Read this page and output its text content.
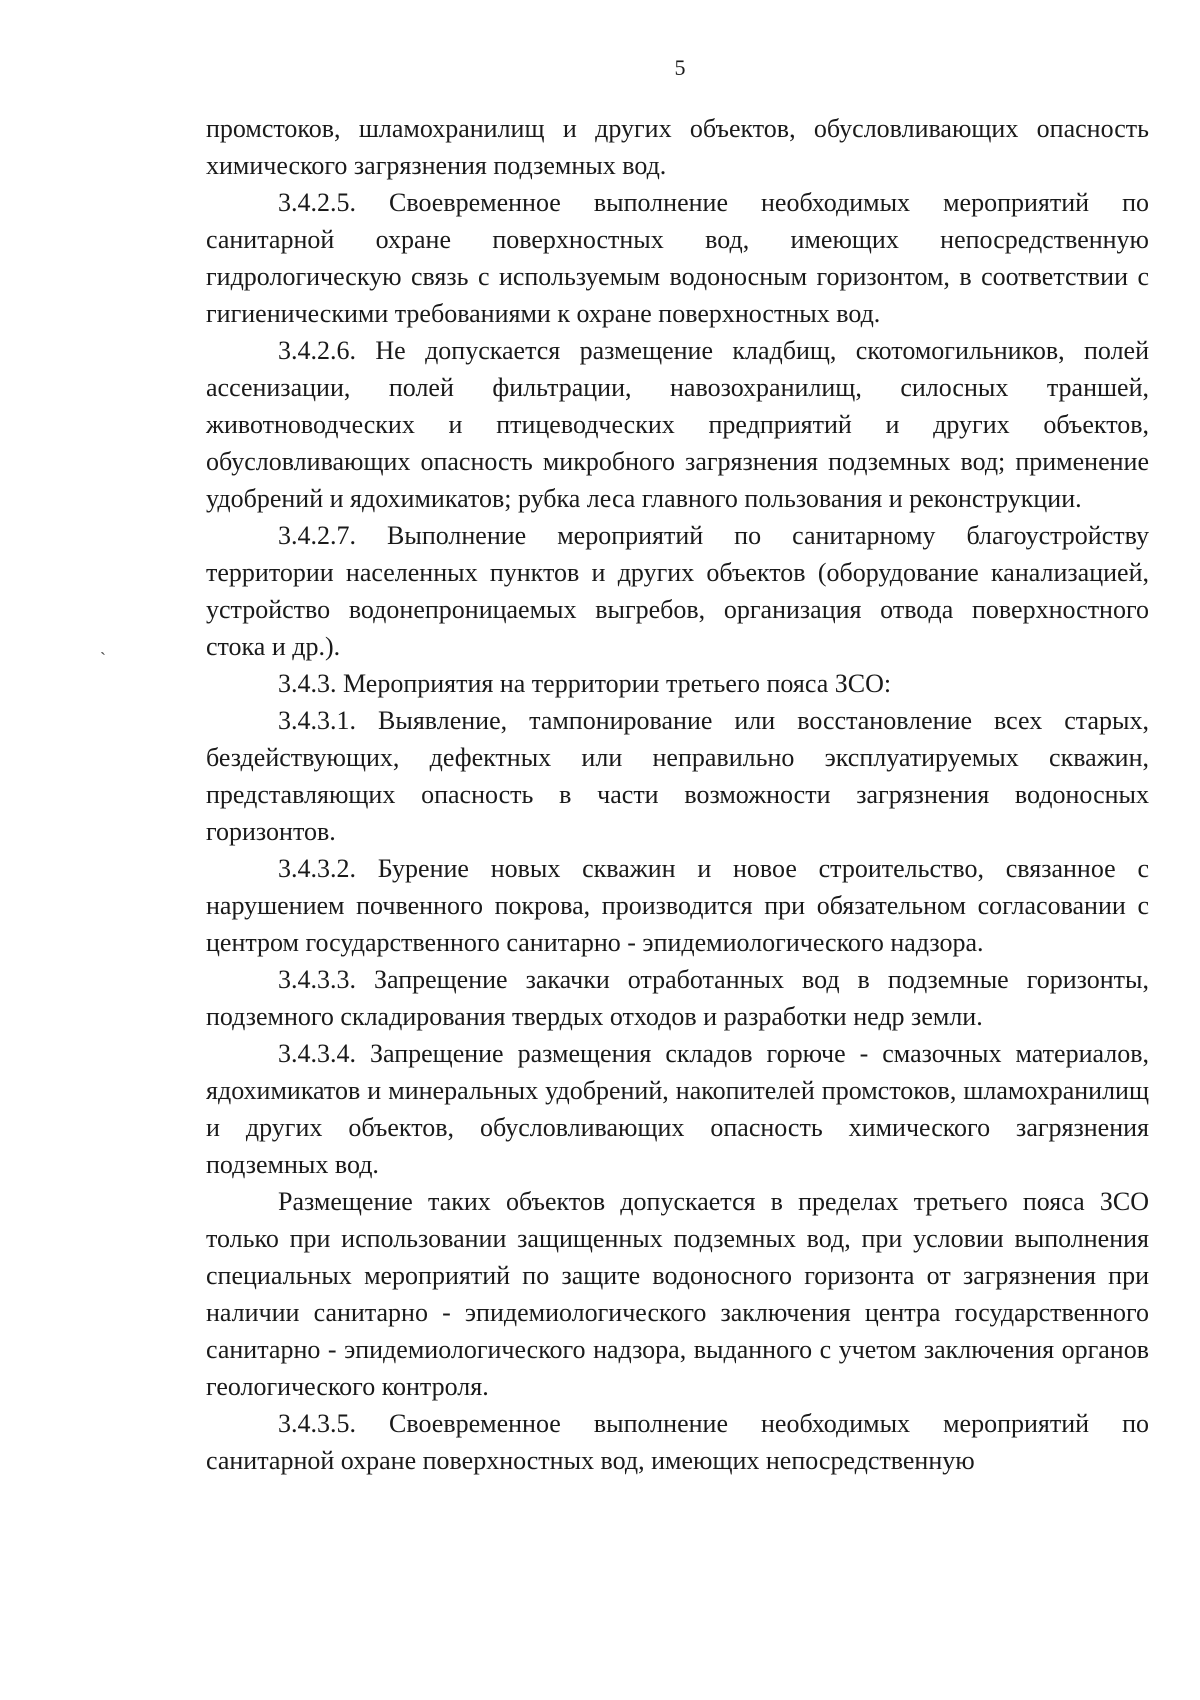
5
`

промстоков, шламохранилищ и других объектов, обусловливающих опасность химического загрязнения подземных вод.

3.4.2.5. Своевременное выполнение необходимых мероприятий по санитарной охране поверхностных вод, имеющих непосредственную гидрологическую связь с используемым водоносным горизонтом, в соответствии с гигиеническими требованиями к охране поверхностных вод.

3.4.2.6. Не допускается размещение кладбищ, скотомогильников, полей ассенизации, полей фильтрации, навозохранилищ, силосных траншей, животноводческих и птицеводческих предприятий и других объектов, обусловливающих опасность микробного загрязнения подземных вод; применение удобрений и ядохимикатов; рубка леса главного пользования и реконструкции.

3.4.2.7. Выполнение мероприятий по санитарному благоустройству территории населенных пунктов и других объектов (оборудование канализацией, устройство водонепроницаемых выгребов, организация отвода поверхностного стока и др.).

3.4.3. Мероприятия на территории третьего пояса ЗСО:

3.4.3.1. Выявление, тампонирование или восстановление всех старых, бездействующих, дефектных или неправильно эксплуатируемых скважин, представляющих опасность в части возможности загрязнения водоносных горизонтов.

3.4.3.2. Бурение новых скважин и новое строительство, связанное с нарушением почвенного покрова, производится при обязательном согласовании с центром государственного санитарно - эпидемиологического надзора.

3.4.3.3. Запрещение закачки отработанных вод в подземные горизонты, подземного складирования твердых отходов и разработки недр земли.

3.4.3.4. Запрещение размещения складов горюче - смазочных материалов, ядохимикатов и минеральных удобрений, накопителей промстоков, шламохранилищ и других объектов, обусловливающих опасность химического загрязнения подземных вод.

Размещение таких объектов допускается в пределах третьего пояса ЗСО только при использовании защищенных подземных вод, при условии выполнения специальных мероприятий по защите водоносного горизонта от загрязнения при наличии санитарно - эпидемиологического заключения центра государственного санитарно - эпидемиологического надзора, выданного с учетом заключения органов геологического контроля.

3.4.3.5. Своевременное выполнение необходимых мероприятий по санитарной охране поверхностных вод, имеющих непосредственную
